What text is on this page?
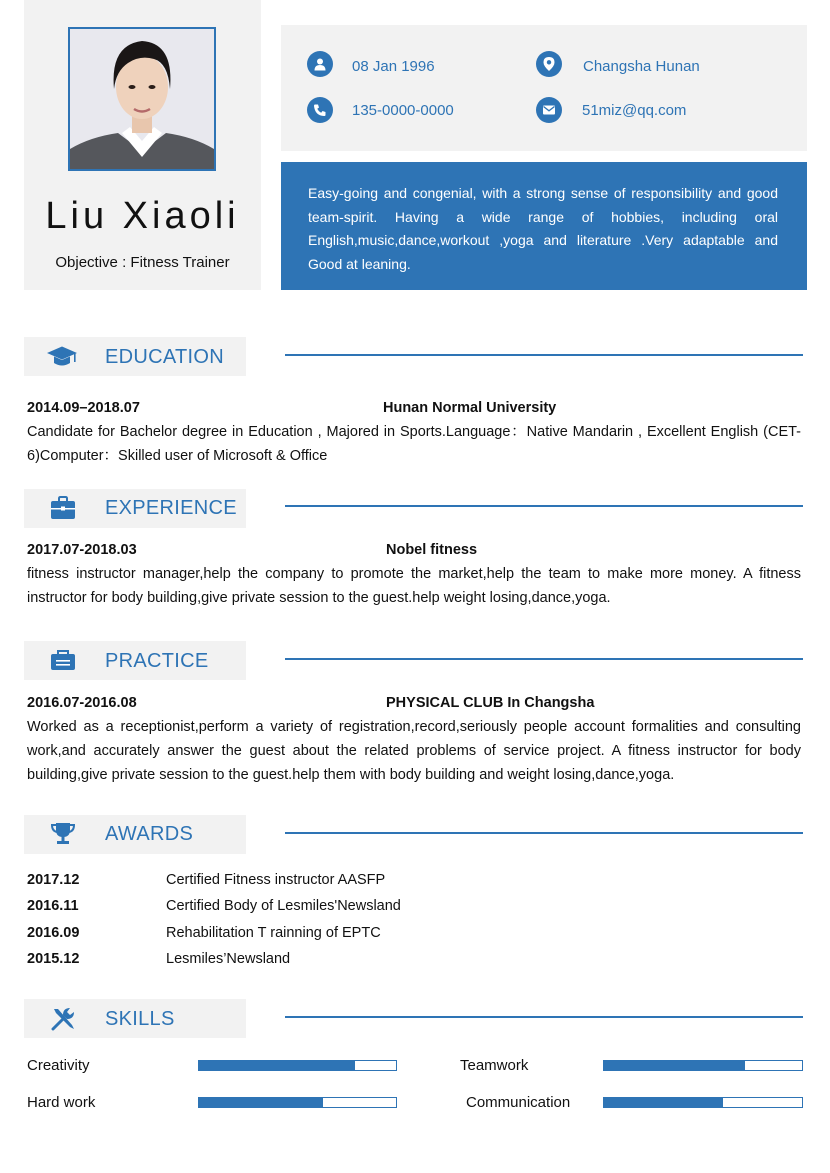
Liu Xiaoli
Objective : Fitness Trainer
08 Jan 1996	Changsha Hunan
135-0000-0000	51miz@qq.com
Easy-going and congenial, with a strong sense of responsibility and good team-spirit. Having a wide range of hobbies, including oral English,music,dance,workout ,yoga and literature .Very adaptable and Good at leaning.
EDUCATION
2014.09–2018.07	Hunan Normal University
Candidate for Bachelor degree in Education , Majored in Sports.Language：Native Mandarin , Excellent English (CET-6)Computer：Skilled user of Microsoft & Office
EXPERIENCE
2017.07-2018.03	Nobel fitness
fitness instructor manager,help the company to promote the market,help the team to make more money. A fitness instructor for body building,give private session to the guest.help weight losing,dance,yoga.
PRACTICE
2016.07-2016.08	PHYSICAL CLUB In Changsha
Worked as a receptionist,perform a variety of registration,record,seriously people account formalities and consulting work,and accurately answer the guest about the related problems of service project. A fitness instructor for body building,give private session to the guest.help them with body building and weight losing,dance,yoga.
AWARDS
2017.12	Certified Fitness instructor AASFP
2016.11	Certified Body of Lesmiles'Newsland
2016.09	Rehabilitation T rainning of EPTC
2015.12	Lesmiles’Newsland
SKILLS
Creativity	Teamwork
Hard work	Communication
